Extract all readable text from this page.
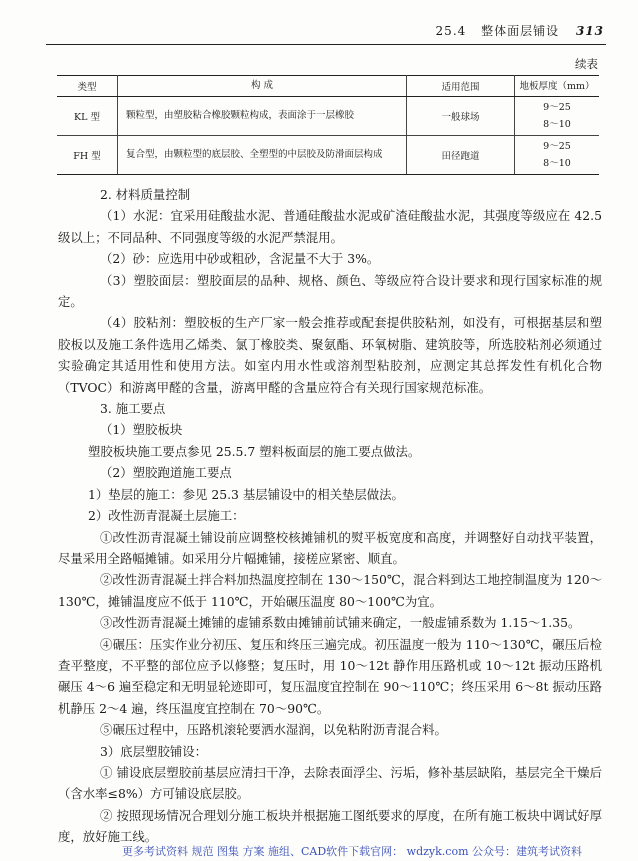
25.4 整体面层铺设 313
续表
类型	构 成	适用范围	地板厚度（mm）
KL 型	颗粒型，由塑胶粘合橡胶颗粒构成，表面涂于一层橡胶	一般球场	9～25
8～10

FH 型	复合型，由颗粒型的底层胶、全塑型的中层胶及防滑面层构成	田径跑道	9～25
8～10

2. 材料质量控制

（1）水泥：宜采用硅酸盐水泥、普通硅酸盐水泥或矿渣硅酸盐水泥，其强度等级应在 42.5 级以上；不同品种、不同强度等级的水泥严禁混用。

（2）砂：应选用中砂或粗砂，含泥量不大于 3%。

（3）塑胶面层：塑胶面层的品种、规格、颜色、等级应符合设计要求和现行国家标准的规定。

（4）胶粘剂：塑胶板的生产厂家一般会推荐或配套提供胶粘剂，如没有，可根据基层和塑胶板以及施工条件选用乙烯类、氯丁橡胶类、聚氨酯、环氧树脂、建筑胶等，所选胶粘剂必须通过实验确定其适用性和使用方法。如室内用水性或溶剂型粘胶剂，应测定其总挥发性有机化合物（TVOC）和游离甲醛的含量，游离甲醛的含量应符合有关现行国家规范标准。

3. 施工要点

（1）塑胶板块

塑胶板块施工要点参见 25.5.7 塑料板面层的施工要点做法。

（2）塑胶跑道施工要点

1）垫层的施工：参见 25.3 基层铺设中的相关垫层做法。

2）改性沥青混凝土层施工：

①改性沥青混凝土铺设前应调整校核摊铺机的熨平板宽度和高度，并调整好自动找平装置，尽量采用全路幅摊铺。如采用分片幅摊铺，接槎应紧密、顺直。

②改性沥青混凝土拌合料加热温度控制在 130～150℃，混合料到达工地控制温度为 120～130℃，摊铺温度应不低于 110℃，开始碾压温度 80～100℃为宜。

③改性沥青混凝土摊铺的虚铺系数由摊铺前试铺来确定，一般虚铺系数为 1.15～1.35。

④碾压：压实作业分初压、复压和终压三遍完成。初压温度一般为 110～130℃，碾压后检查平整度，不平整的部位应予以修整；复压时，用 10～12t 静作用压路机或 10～12t 振动压路机碾压 4～6 遍至稳定和无明显轮迹即可，复压温度宜控制在 90～110℃；终压采用 6～8t 振动压路机静压 2～4 遍，终压温度宜控制在 70～90℃。

⑤碾压过程中，压路机滚轮要洒水湿润，以免粘附沥青混合料。

3）底层塑胶铺设：

① 铺设底层塑胶前基层应清扫干净，去除表面浮尘、污垢，修补基层缺陷，基层完全干燥后（含水率≤8%）方可铺设底层胶。

② 按照现场情况合理划分施工板块并根据施工图纸要求的厚度，在所有施工板块中调试好厚度，放好施工线。

更多考试资料 规范 图集 方案 施组、CAD软件下载官网： wdzyk.com 公众号：建筑考试资料
